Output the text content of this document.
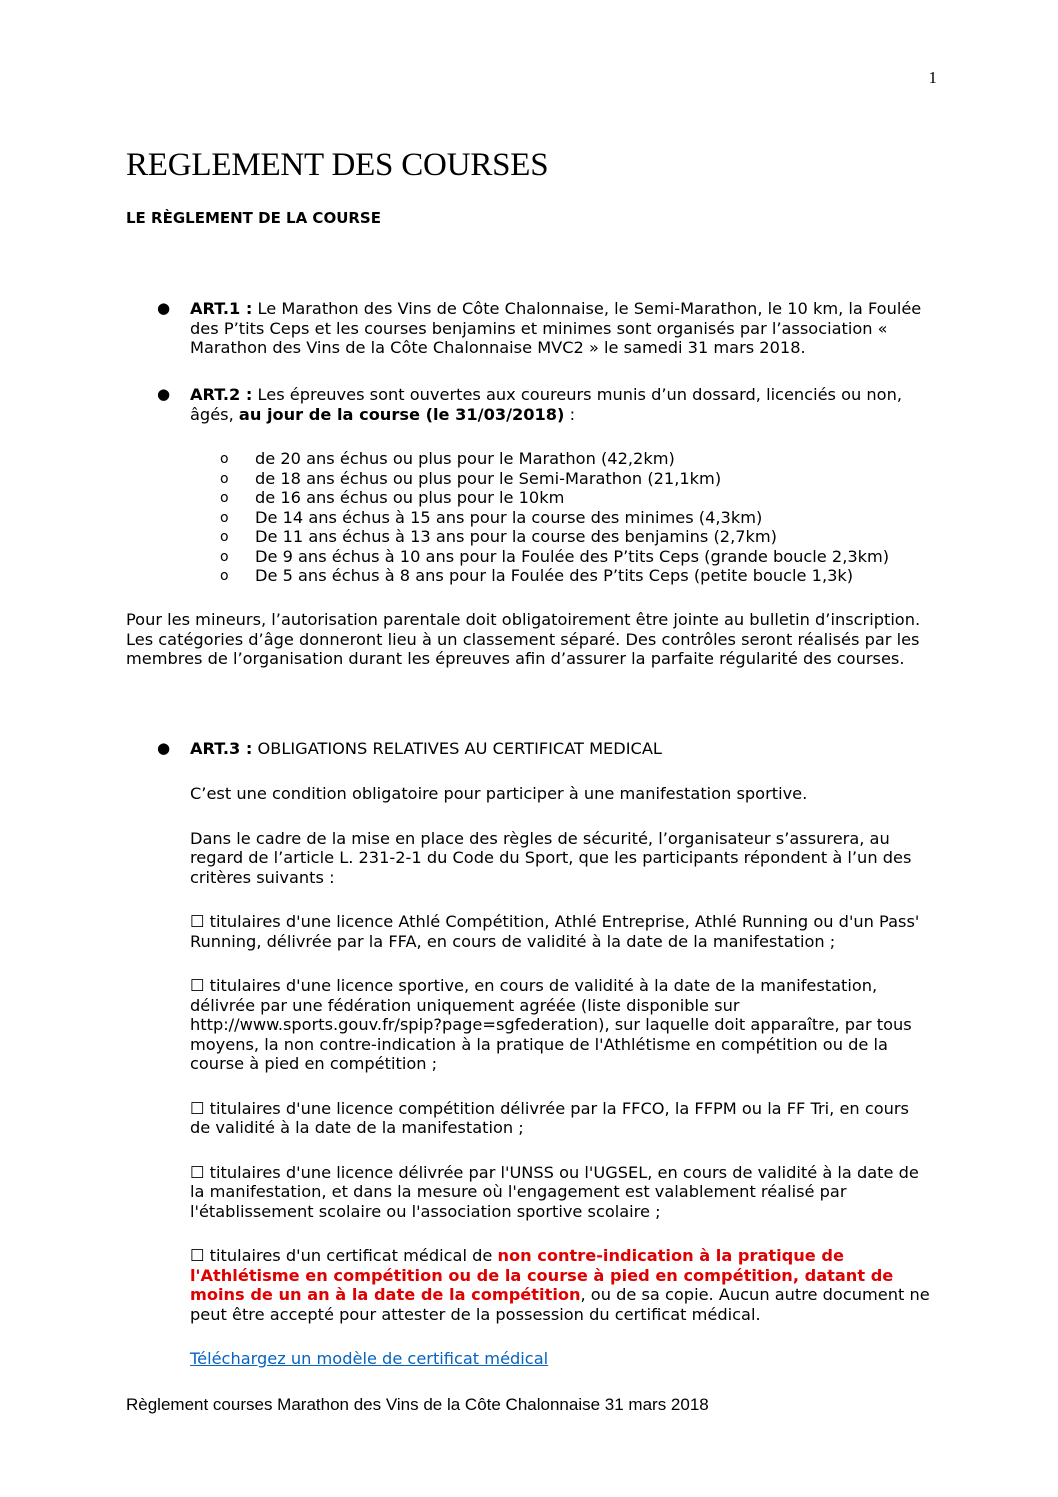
1
REGLEMENT DES COURSES
LE RÈGLEMENT DE LA COURSE
● ART.1 : Le Marathon des Vins de Côte Chalonnaise, le Semi-Marathon, le 10 km, la Foulée des P’tits Ceps et les courses benjamins et minimes sont organisés par l’association « Marathon des Vins de la Côte Chalonnaise MVC2 » le samedi 31 mars 2018.
● ART.2 : Les épreuves sont ouvertes aux coureurs munis d’un dossard, licenciés ou non, âgés, au jour de la course (le 31/03/2018) :
o de 20 ans échus ou plus pour le Marathon (42,2km)
o de 18 ans échus ou plus pour le Semi-Marathon (21,1km)
o de 16 ans échus ou plus pour le 10km
o De 14 ans échus à 15 ans pour la course des minimes (4,3km)
o De 11 ans échus à 13 ans pour la course des benjamins (2,7km)
o De 9 ans échus à 10 ans pour la Foulée des P’tits Ceps (grande boucle 2,3km)
o De 5 ans échus à 8 ans pour la Foulée des P’tits Ceps (petite boucle 1,3k)

Pour les mineurs, l’autorisation parentale doit obligatoirement être jointe au bulletin d’inscription. Les catégories d’âge donneront lieu à un classement séparé. Des contrôles seront réalisés par les membres de l’organisation durant les épreuves afin d’assurer la parfaite régularité des courses.

● ART.3 : OBLIGATIONS RELATIVES AU CERTIFICAT MEDICAL

C’est une condition obligatoire pour participer à une manifestation sportive.

Dans le cadre de la mise en place des règles de sécurité, l’organisateur s’assurera, au regard de l’article L. 231-2-1 du Code du Sport, que les participants répondent à l’un des critères suivants :

☐ titulaires d'une licence Athlé Compétition, Athlé Entreprise, Athlé Running ou d'un Pass' Running, délivrée par la FFA, en cours de validité à la date de la manifestation ;

☐ titulaires d'une licence sportive, en cours de validité à la date de la manifestation, délivrée par une fédération uniquement agréée (liste disponible sur http://www.sports.gouv.fr/spip?page=sgfederation), sur laquelle doit apparaître, par tous moyens, la non contre-indication à la pratique de l'Athlétisme en compétition ou de la course à pied en compétition ;

☐ titulaires d'une licence compétition délivrée par la FFCO, la FFPM ou la FF Tri, en cours de validité à la date de la manifestation ;

☐ titulaires d'une licence délivrée par l'UNSS ou l'UGSEL, en cours de validité à la date de la manifestation, et dans la mesure où l'engagement est valablement réalisé par l'établissement scolaire ou l'association sportive scolaire ;

☐ titulaires d'un certificat médical de non contre-indication à la pratique de l'Athlétisme en compétition ou de la course à pied en compétition, datant de moins de un an à la date de la compétition, ou de sa copie. Aucun autre document ne peut être accepté pour attester de la possession du certificat médical.

Téléchargez un modèle de certificat médical

Règlement courses Marathon des Vins de la Côte Chalonnaise 31 mars 2018
